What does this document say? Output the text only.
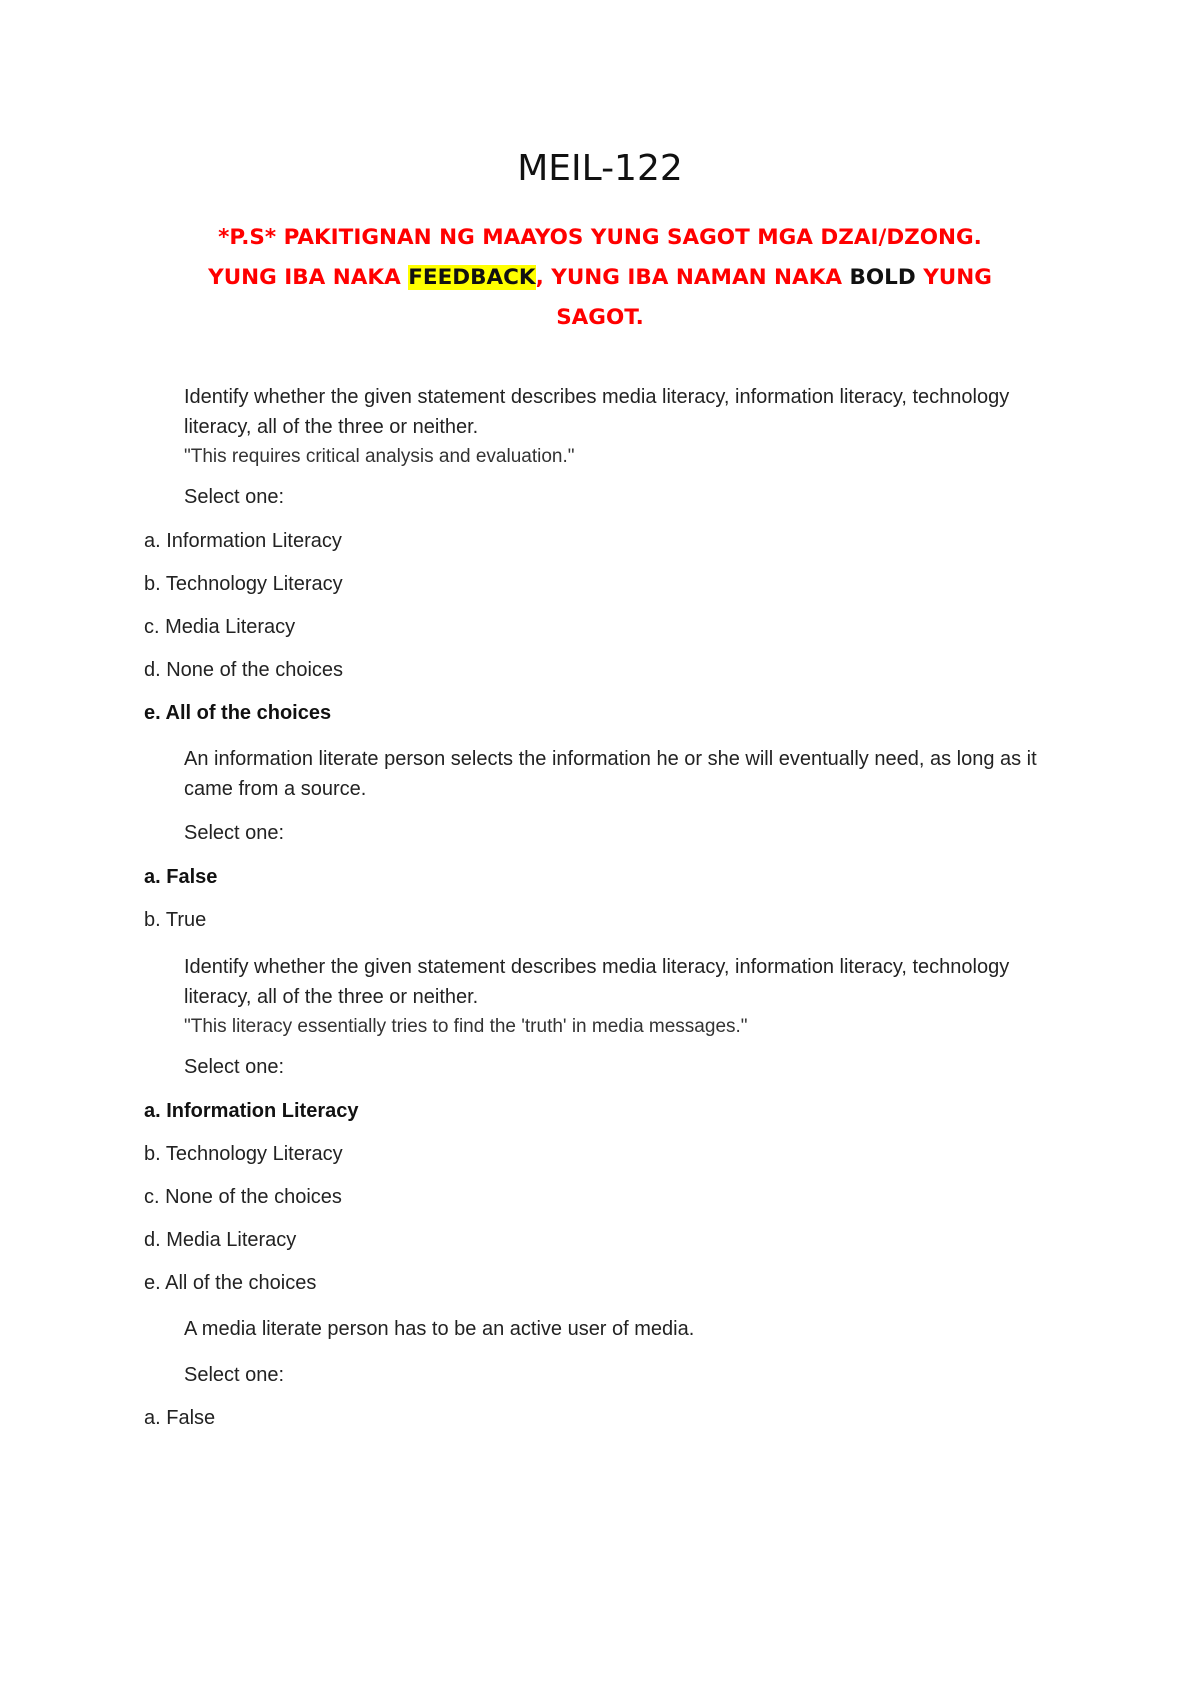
MEIL-122
*P.S* PAKITIGNAN NG MAAYOS YUNG SAGOT MGA DZAI/DZONG.
YUNG IBA NAKA FEEDBACK, YUNG IBA NAMAN NAKA BOLD YUNG
SAGOT.
Identify whether the given statement describes media literacy, information literacy, technology literacy, all of the three or neither.
"This requires critical analysis and evaluation."
Select one:
a. Information Literacy
b. Technology Literacy
c. Media Literacy
d. None of the choices
e. All of the choices
An information literate person selects the information he or she will eventually need, as long as it came from a source.
Select one:
a. False
b. True
Identify whether the given statement describes media literacy, information literacy, technology literacy, all of the three or neither.
"This literacy essentially tries to find the 'truth' in media messages."
Select one:
a. Information Literacy
b. Technology Literacy
c. None of the choices
d. Media Literacy
e. All of the choices
A media literate person has to be an active user of media.
Select one:
a. False
